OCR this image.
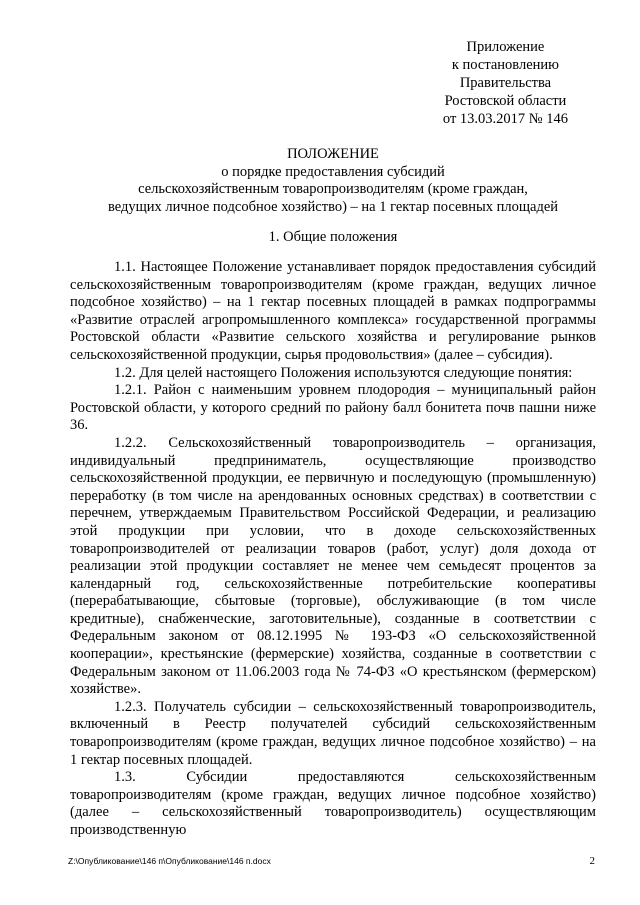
Приложение
к постановлению
Правительства
Ростовской области
от 13.03.2017 № 146
ПОЛОЖЕНИЕ
о порядке предоставления субсидий
сельскохозяйственным товаропроизводителям (кроме граждан,
ведущих личное подсобное хозяйство) – на 1 гектар посевных площадей
1. Общие положения

1.1. Настоящее Положение устанавливает порядок предоставления субсидий сельскохозяйственным товаропроизводителям (кроме граждан, ведущих личное подсобное хозяйство) – на 1 гектар посевных площадей в рамках подпрограммы «Развитие отраслей агропромышленного комплекса» государственной программы Ростовской области «Развитие сельского хозяйства и регулирование рынков сельскохозяйственной продукции, сырья продовольствия» (далее – субсидия).

1.2. Для целей настоящего Положения используются следующие понятия:

1.2.1. Район с наименьшим уровнем плодородия – муниципальный район Ростовской области, у которого средний по району балл бонитета почв пашни ниже 36.

1.2.2. Сельскохозяйственный товаропроизводитель – организация, индивидуальный предприниматель, осуществляющие производство сельскохозяйственной продукции, ее первичную и последующую (промышленную) переработку (в том числе на арендованных основных средствах) в соответствии с перечнем, утверждаемым Правительством Российской Федерации, и реализацию этой продукции при условии, что в доходе сельскохозяйственных товаропроизводителей от реализации товаров (работ, услуг) доля дохода от реализации этой продукции составляет не менее чем семьдесят процентов за календарный год, сельскохозяйственные потребительские кооперативы (перерабатывающие, сбытовые (торговые), обслуживающие (в том числе кредитные), снабженческие, заготовительные), созданные в соответствии с Федеральным законом от 08.12.1995 № 193-ФЗ «О сельскохозяйственной кооперации», крестьянские (фермерские) хозяйства, созданные в соответствии с Федеральным законом от 11.06.2003 года № 74-ФЗ «О крестьянском (фермерском) хозяйстве».

1.2.3. Получатель субсидии – сельскохозяйственный товаропроизводитель, включенный в Реестр получателей субсидий сельскохозяйственным товаропроизводителям (кроме граждан, ведущих личное подсобное хозяйство) – на 1 гектар посевных площадей.

1.3. Субсидии предоставляются сельскохозяйственным товаропроизводителям (кроме граждан, ведущих личное подсобное хозяйство) (далее – сельскохозяйственный товаропроизводитель) осуществляющим производственную

Z:\Опубликование\146 п\Опубликование\146 п.docx	2
